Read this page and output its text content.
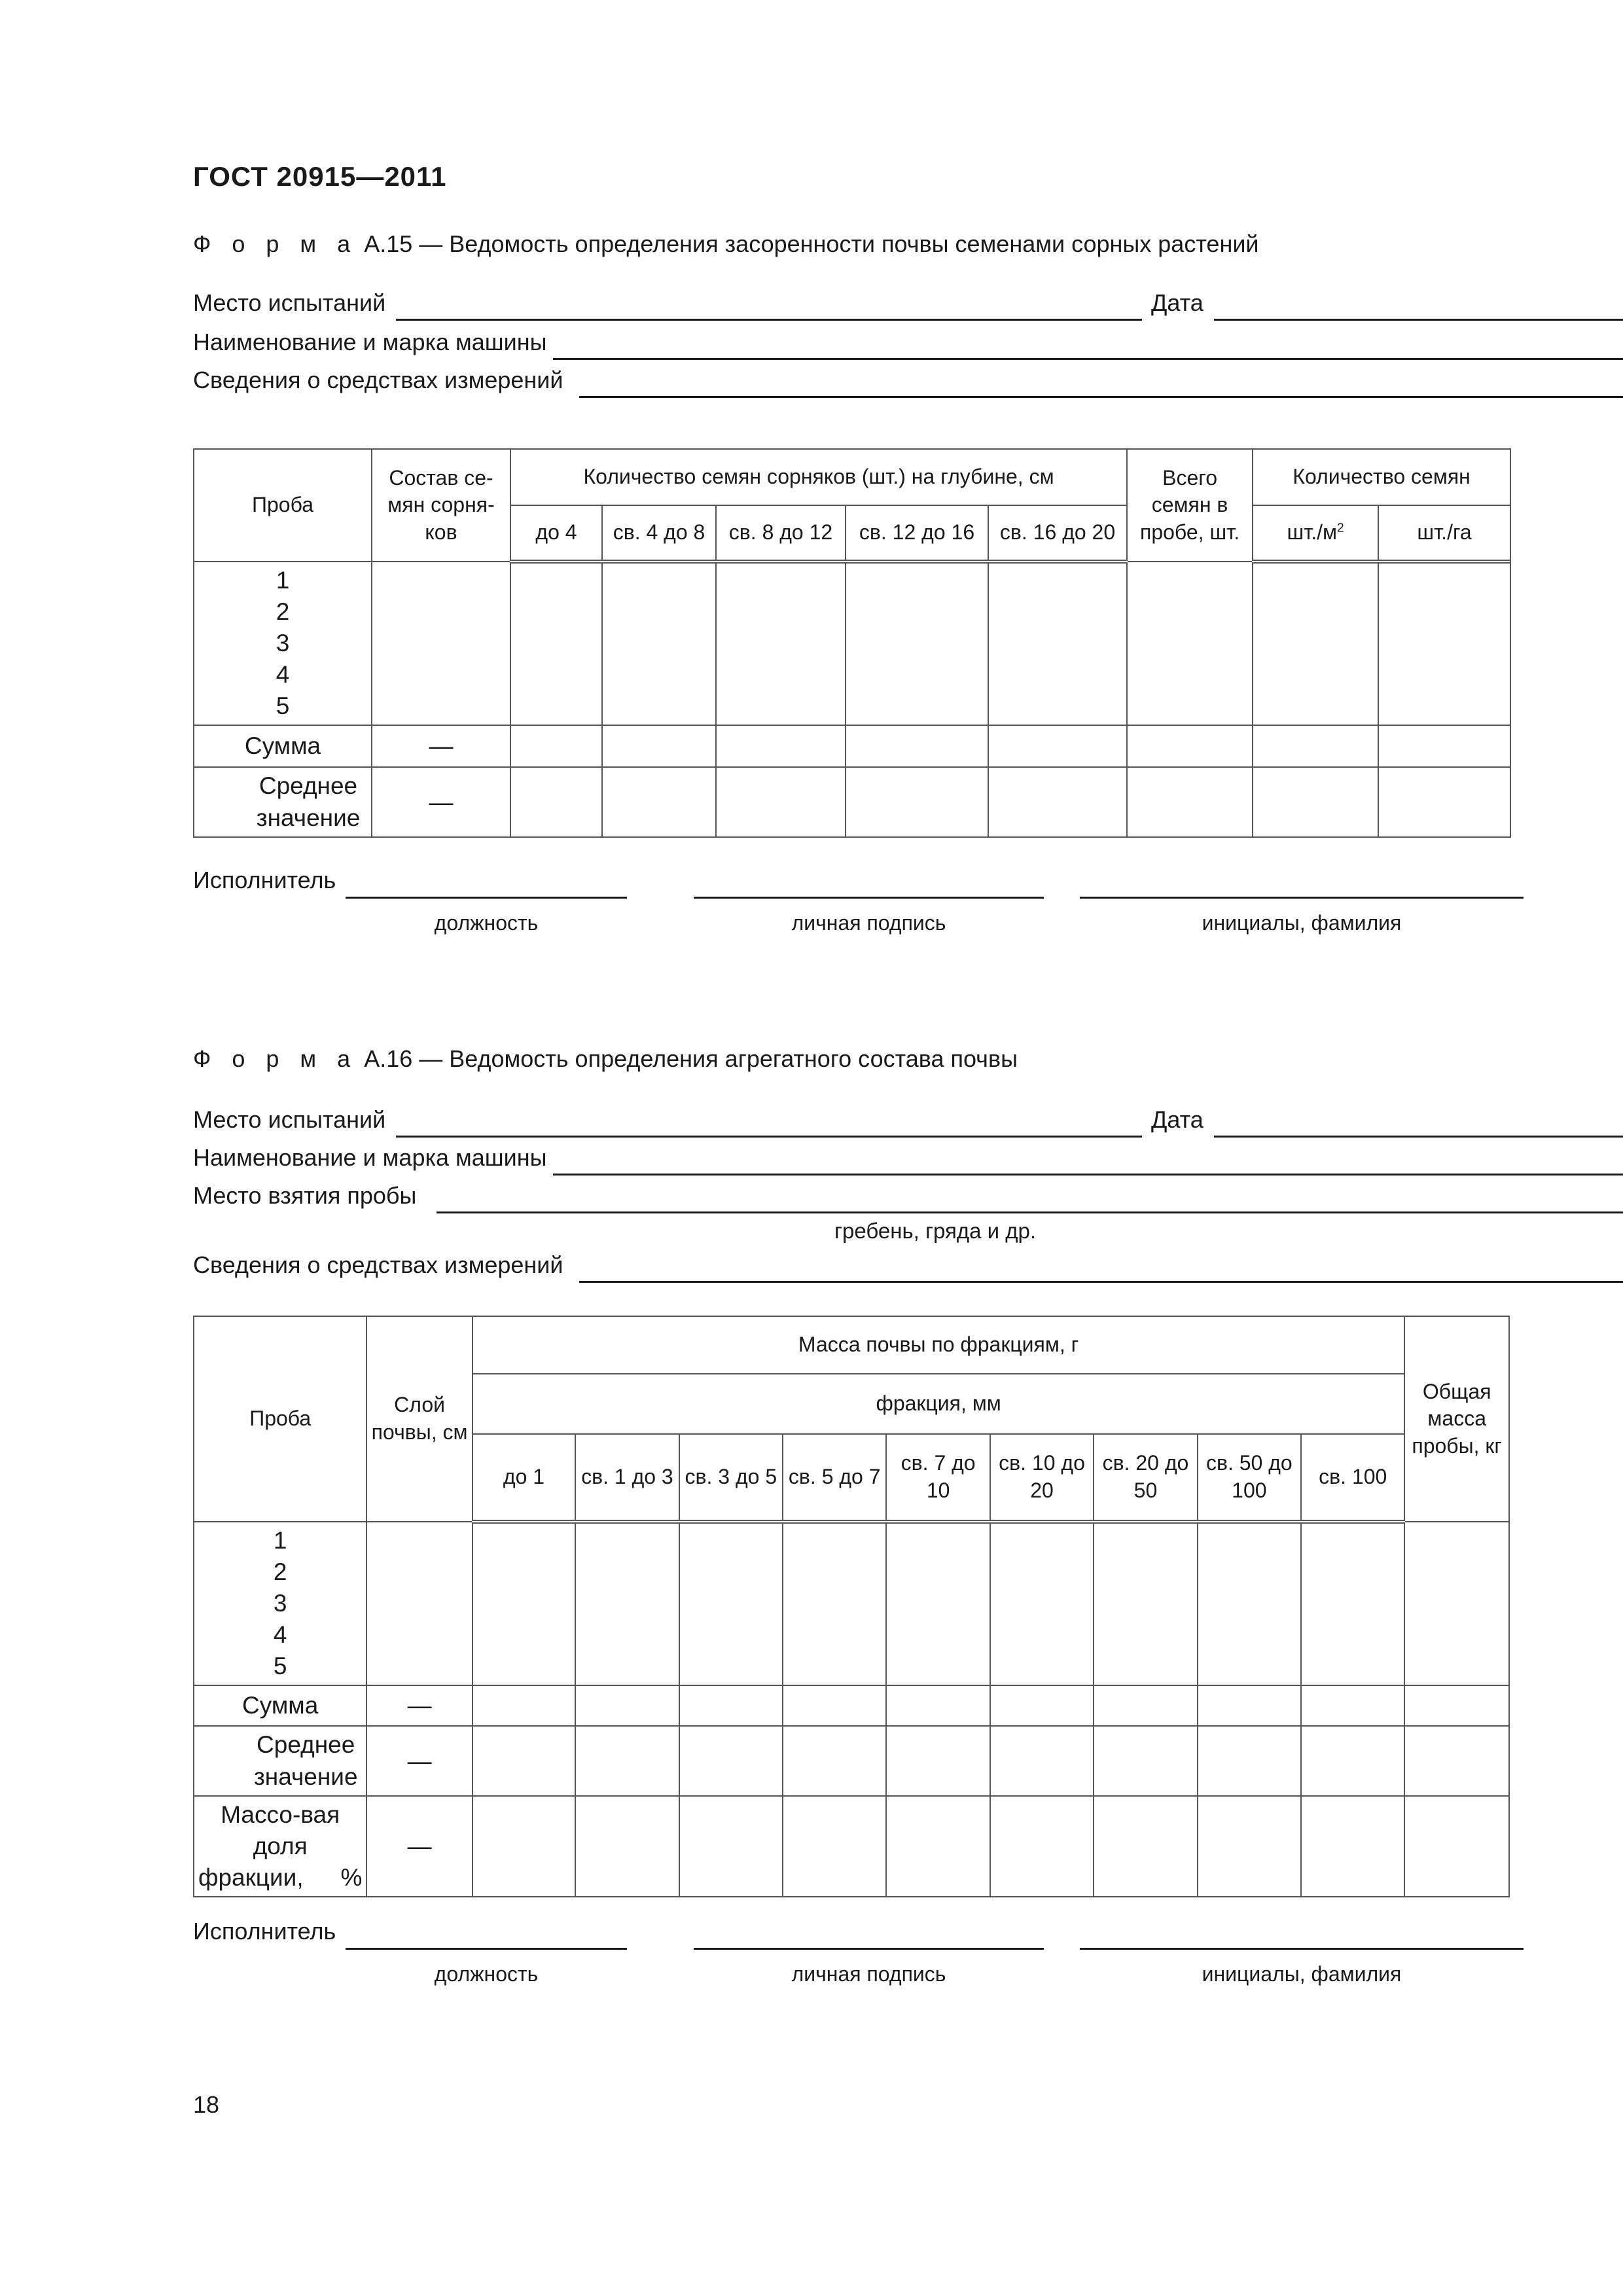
ГОСТ 20915—2011
Ф о р м а А.15 — Ведомость определения засоренности почвы семенами сорных растений
Место испытаний	Дата
Наименование и марка машины
Сведения о средствах измерений
Проба	Состав се-мян сорня-ков	Количество семян сорняков (шт.) на глубине, см					Всего семян в пробе, шт.	Количество семян		
		до 4	св. 4 до 8	св. 8 до 12	св. 12 до 16	св. 16 до 20		$шт./м^2$	шт./га	
1
2
3
4
5										
Сумма	—									
Среднее значение	—									
Исполнитель
должность	личная подпись	инициалы, фамилия
Ф о р м а А.16 — Ведомость определения агрегатного состава почвы
Место испытаний	Дата
Наименование и марка машины
Место взятия пробы
гребень, гряда и др.
Сведения о средствах измерений
Проба	Слой почвы, см	Масса почвы по фракциям, г									Общая масса пробы, кг
		фракция, мм									
		до 1	св. 1 до 3	св. 3 до 5	св. 5 до 7	св. 7 до 10	св. 10 до 20	св. 20 до 50	св. 50 до 100	св. 100	
1
2
3
4
5											
Сумма	—										
Среднее значение	—										
Массо-вая доля фракции, %	—										
Исполнитель
должность	личная подпись	инициалы, фамилия
18
